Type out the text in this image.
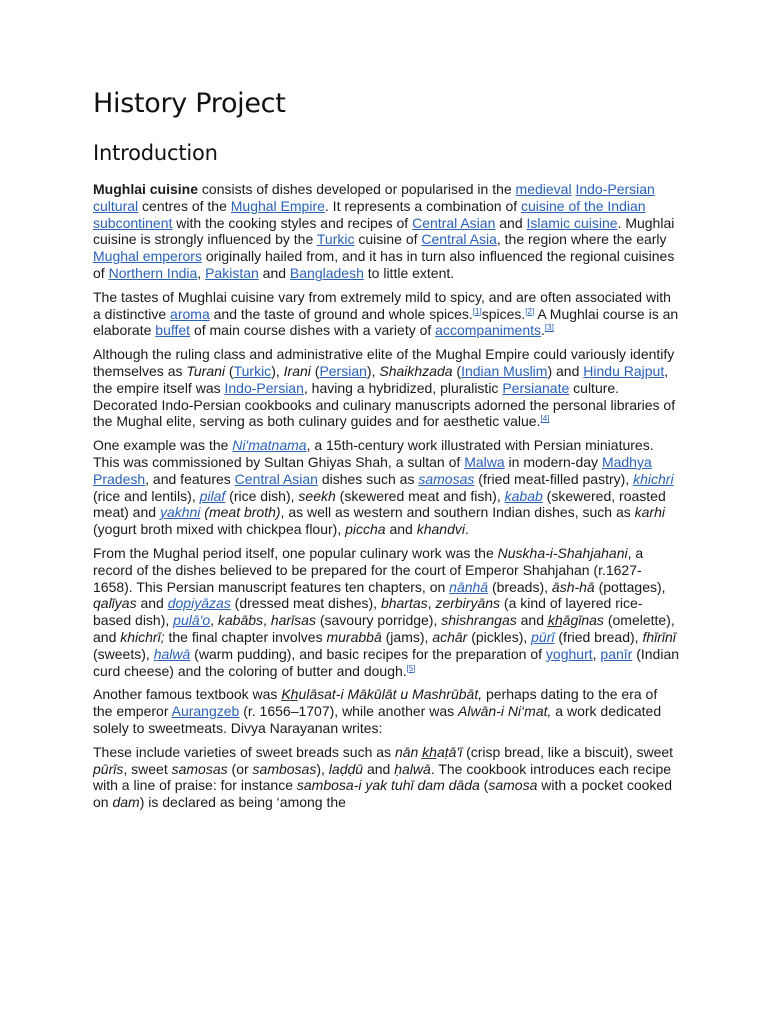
History Project
Introduction

Mughlai cuisine consists of dishes developed or popularised in the medieval Indo-Persian cultural centres of the Mughal Empire. It represents a combination of cuisine of the Indian subcontinent with the cooking styles and recipes of Central Asian and Islamic cuisine. Mughlai cuisine is strongly influenced by the Turkic cuisine of Central Asia, the region where the early Mughal emperors originally hailed from, and it has in turn also influenced the regional cuisines of Northern India, Pakistan and Bangladesh to little extent.

The tastes of Mughlai cuisine vary from extremely mild to spicy, and are often associated with a distinctive aroma and the taste of ground and whole spices.[1]spices.[2] A Mughlai course is an elaborate buffet of main course dishes with a variety of accompaniments.[3]

Although the ruling class and administrative elite of the Mughal Empire could variously identify themselves as Turani (Turkic), Irani (Persian), Shaikhzada (Indian Muslim) and Hindu Rajput, the empire itself was Indo-Persian, having a hybridized, pluralistic Persianate culture. Decorated Indo-Persian cookbooks and culinary manuscripts adorned the personal libraries of the Mughal elite, serving as both culinary guides and for aesthetic value.[4]

One example was the Ni'matnama, a 15th-century work illustrated with Persian miniatures. This was commissioned by Sultan Ghiyas Shah, a sultan of Malwa in modern-day Madhya Pradesh, and features Central Asian dishes such as samosas (fried meat-filled pastry), khichri (rice and lentils), pilaf (rice dish), seekh (skewered meat and fish), kabab (skewered, roasted meat) and yakhni (meat broth), as well as western and southern Indian dishes, such as karhi (yogurt broth mixed with chickpea flour), piccha and khandvi.

From the Mughal period itself, one popular culinary work was the Nuskha-i-Shahjahani, a record of the dishes believed to be prepared for the court of Emperor Shahjahan (r.1627-1658). This Persian manuscript features ten chapters, on nānhā (breads), āsh-hā (pottages), qalīyas and dopiyāzas (dressed meat dishes), bhartas, zerbiryāns (a kind of layered rice-based dish), pulā'o, kabābs, harīsas (savoury porridge), shishrangas and k̲h̲āgīnas (omelette), and khichrī; the final chapter involves murabbā (jams), achār (pickles), pūrī (fried bread), fhīrīnī (sweets), halwā (warm pudding), and basic recipes for the preparation of yoghurt, panīr (Indian curd cheese) and the coloring of butter and dough.[5]

Another famous textbook was K̲h̲ulāsat-i Mākūlāt u Mashrūbāt, perhaps dating to the era of the emperor Aurangzeb (r. 1656–1707), while another was Alwān-i Ni‘mat, a work dedicated solely to sweetmeats. Divya Narayanan writes:

These include varieties of sweet breads such as nān k̲h̲aṭā'ī (crisp bread, like a biscuit), sweet pūrīs, sweet samosas (or sambosas), laḍḍū and ḥalwā. The cookbook introduces each recipe with a line of praise: for instance sambosa-i yak tuhī dam dāda (samosa with a pocket cooked on dam) is declared as being ‘among the
